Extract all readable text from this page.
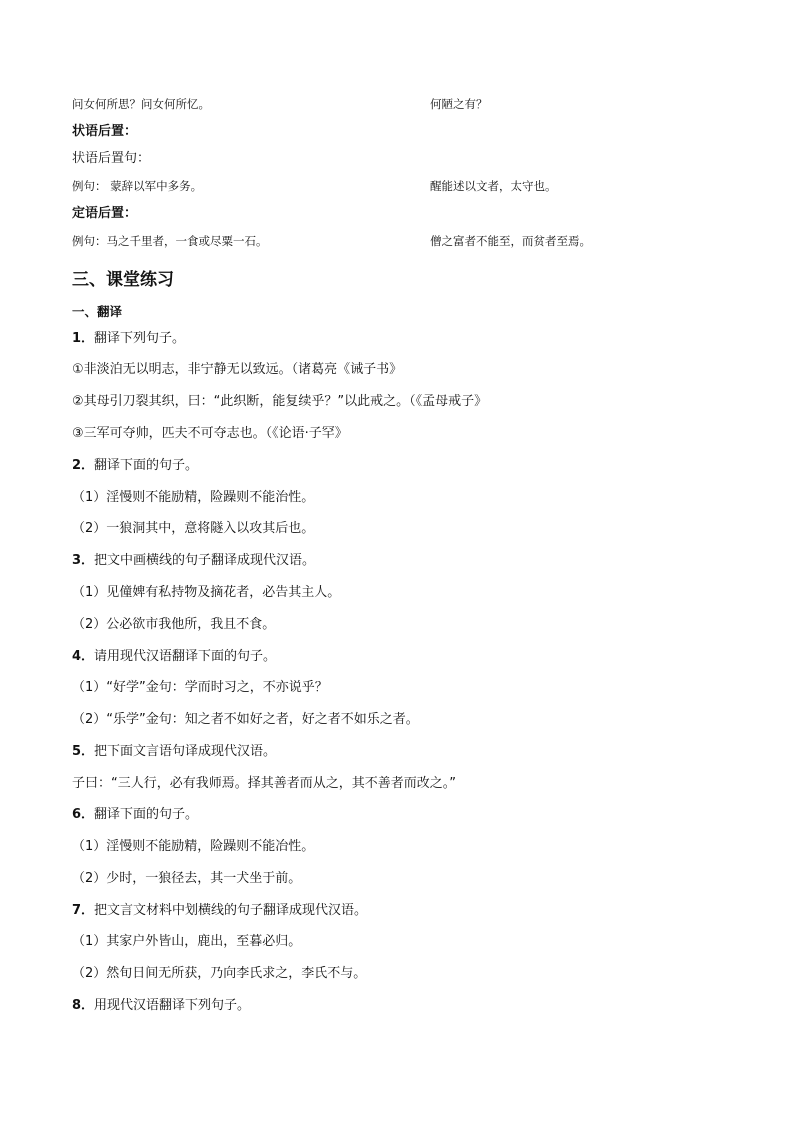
问女何所思？问女何所忆。	何陋之有？
状语后置：
状语后置句：
例句： 蒙辞以军中多务。	醒能述以文者，太守也。
定语后置：
例句：马之千里者，一食或尽粟一石。	僧之富者不能至，而贫者至焉。
三、课堂练习
一、翻译
1．翻译下列句子。
①非淡泊无以明志，非宁静无以致远。（诸葛亮《诫子书》
②其母引刀裂其织，曰：“此织断，能复续乎？”以此戒之。（《孟母戒子》
③三军可夺帅，匹夫不可夺志也。（《论语·子罕》
2．翻译下面的句子。
（1）淫慢则不能励精，险躁则不能治性。
（2）一狼洞其中，意将隧入以攻其后也。
3．把文中画横线的句子翻译成现代汉语。
（1）见僮婢有私持物及摘花者，必告其主人。
（2）公必欲市我他所，我且不食。
4．请用现代汉语翻译下面的句子。
（1）“好学”金句：学而时习之，不亦说乎？
（2）“乐学”金句：知之者不如好之者，好之者不如乐之者。
5．把下面文言语句译成现代汉语。
子曰：“三人行，必有我师焉。择其善者而从之，其不善者而改之。”
6．翻译下面的句子。
（1）淫慢则不能励精，险躁则不能冶性。
（2）少时，一狼径去，其一犬坐于前。
7．把文言文材料中划横线的句子翻译成现代汉语。
（1）其家户外皆山，鹿出，至暮必归。
（2）然旬日间无所获，乃向李氏求之，李氏不与。
8．用现代汉语翻译下列句子。
